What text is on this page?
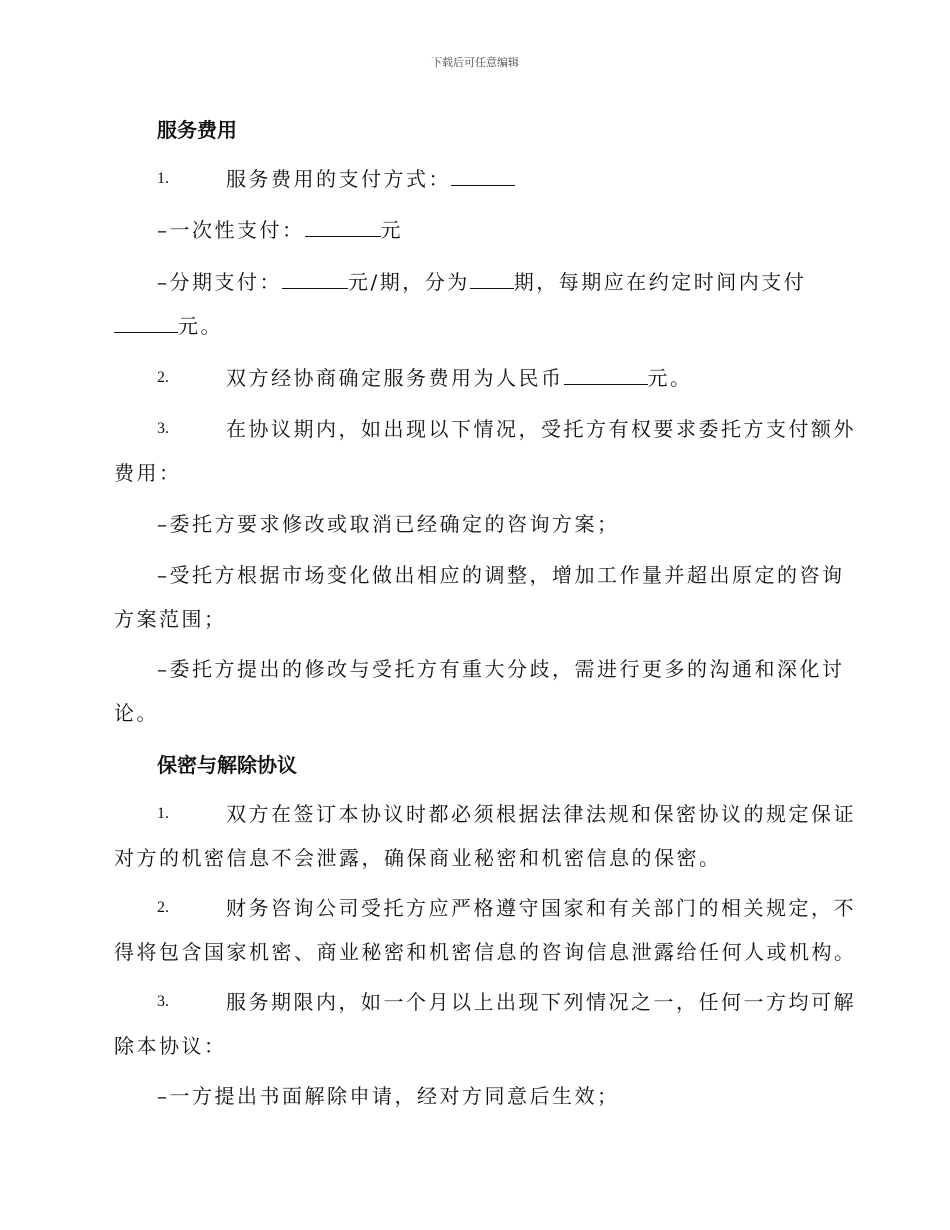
下载后可任意编辑
服务费用
1.	服务费用的支付方式：
–一次性支付：	元
–分期支付：	元/期，分为 期，每期应在约定时间内支付
元。
2.	双方经协商确定服务费用为人民币	元。
3.	在协议期内，如出现以下情况，受托方有权要求委托方支付额外
费用：
–委托方要求修改或取消已经确定的咨询方案；
–受托方根据市场变化做出相应的调整，增加工作量并超出原定的咨询
方案范围；
–委托方提出的修改与受托方有重大分歧，需进行更多的沟通和深化讨
论。
保密与解除协议
1.	双方在签订本协议时都必须根据法律法规和保密协议的规定保证
对方的机密信息不会泄露，确保商业秘密和机密信息的保密。
2.	财务咨询公司受托方应严格遵守国家和有关部门的相关规定，不
得将包含国家机密、商业秘密和机密信息的咨询信息泄露给任何人或机构。
3.	服务期限内，如一个月以上出现下列情况之一，任何一方均可解
除本协议：
–一方提出书面解除申请，经对方同意后生效；
